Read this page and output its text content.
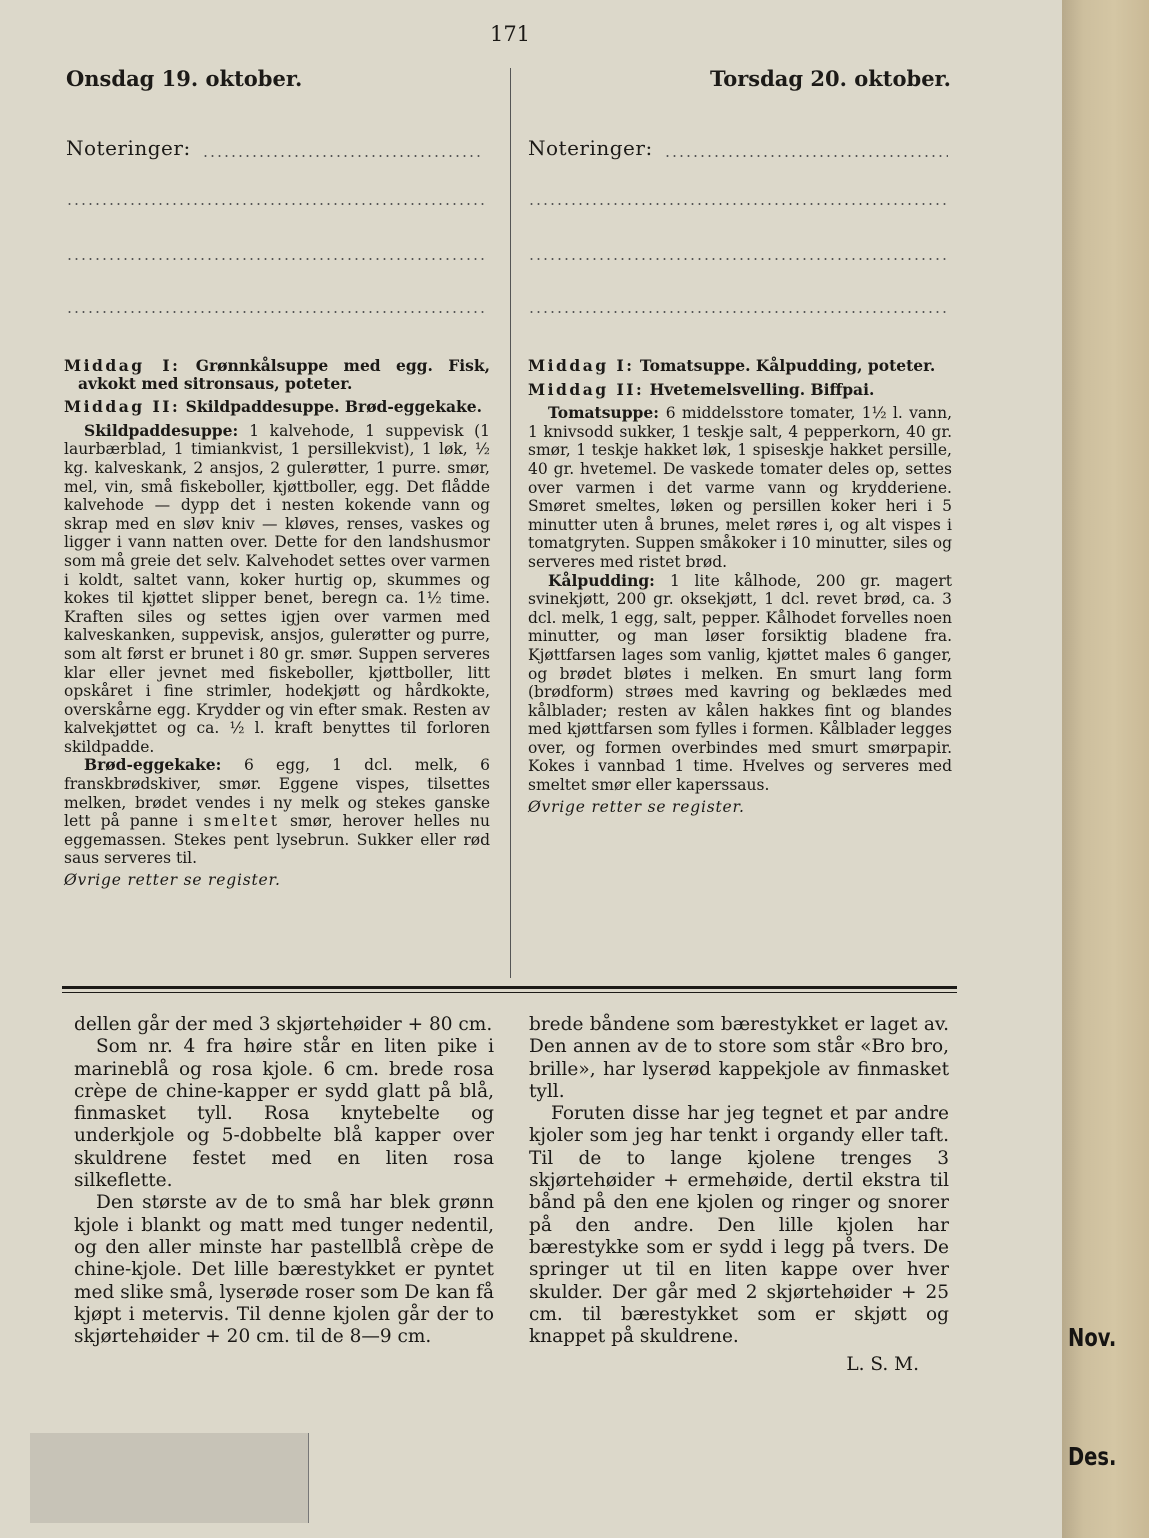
Nov.
Des.
171
Onsdag 19. oktober.	Torsdag 20. oktober.
Noteringer:	Noteringer:

Middag I: Grønnkålsuppe med egg. Fisk, avkokt med sitronsaus, poteter.

Middag II: Skildpaddesuppe. Brød-eggekake.

Skildpaddesuppe: 1 kalvehode, 1 suppevisk (1 laurbærblad, 1 timiankvist, 1 persillekvist), 1 løk, ½ kg. kalveskank, 2 ansjos, 2 gulerøtter, 1 purre. smør, mel, vin, små fiskeboller, kjøttboller, egg. Det flådde kalvehode — dypp det i nesten kokende vann og skrap med en sløv kniv — kløves, renses, vaskes og ligger i vann natten over. Dette for den landshusmor som må greie det selv. Kalvehodet settes over varmen i koldt, saltet vann, koker hurtig op, skummes og kokes til kjøttet slipper benet, beregn ca. 1½ time. Kraften siles og settes igjen over varmen med kalveskanken, suppevisk, ansjos, gulerøtter og purre, som alt først er brunet i 80 gr. smør. Suppen serveres klar eller jevnet med fiskeboller, kjøttboller, litt opskåret i fine strimler, hodekjøtt og hårdkokte, overskårne egg. Krydder og vin efter smak. Resten av kalvekjøttet og ca. ½ l. kraft benyttes til forloren skildpadde.

Brød-eggekake: 6 egg, 1 dcl. melk, 6 franskbrødskiver, smør. Eggene vispes, tilsettes melken, brødet vendes i ny melk og stekes ganske lett på panne i smeltet smør, herover helles nu eggemassen. Stekes pent lysebrun. Sukker eller rød saus serveres til.

Øvrige retter se register.

Middag I: Tomatsuppe. Kålpudding, poteter.

Middag II: Hvetemelsvelling. Biffpai.

Tomatsuppe: 6 middelsstore tomater, 1½ l. vann, 1 knivsodd sukker, 1 teskje salt, 4 pepperkorn, 40 gr. smør, 1 teskje hakket løk, 1 spiseskje hakket persille, 40 gr. hvetemel. De vaskede tomater deles op, settes over varmen i det varme vann og krydderiene. Smøret smeltes, løken og persillen koker heri i 5 minutter uten å brunes, melet røres i, og alt vispes i tomatgryten. Suppen småkoker i 10 minutter, siles og serveres med ristet brød.

Kålpudding: 1 lite kålhode, 200 gr. magert svinekjøtt, 200 gr. oksekjøtt, 1 dcl. revet brød, ca. 3 dcl. melk, 1 egg, salt, pepper. Kålhodet forvelles noen minutter, og man løser forsiktig bladene fra. Kjøttfarsen lages som vanlig, kjøttet males 6 ganger, og brødet bløtes i melken. En smurt lang form (brødform) strøes med kavring og beklædes med kålblader; resten av kålen hakkes fint og blandes med kjøttfarsen som fylles i formen. Kålblader legges over, og formen overbindes med smurt smørpapir. Kokes i vannbad 1 time. Hvelves og serveres med smeltet smør eller kaperssaus.

Øvrige retter se register.

dellen går der med 3 skjørtehøider + 80 cm.

Som nr. 4 fra høire står en liten pike i marineblå og rosa kjole. 6 cm. brede rosa crèpe de chine-kapper er sydd glatt på blå, finmasket tyll. Rosa knytebelte og underkjole og 5-dobbelte blå kapper over skuldrene festet med en liten rosa silkeflette.

Den største av de to små har blek grønn kjole i blankt og matt med tunger nedentil, og den aller minste har pastellblå crèpe de chine-kjole. Det lille bærestykket er pyntet med slike små, lyserøde roser som De kan få kjøpt i metervis. Til denne kjolen går der to skjørtehøider + 20 cm. til de 8—9 cm.

brede båndene som bærestykket er laget av. Den annen av de to store som står «Bro bro, brille», har lyserød kappekjole av finmasket tyll.

Foruten disse har jeg tegnet et par andre kjoler som jeg har tenkt i organdy eller taft. Til de to lange kjolene trenges 3 skjørtehøider + ermehøide, dertil ekstra til bånd på den ene kjolen og ringer og snorer på den andre. Den lille kjolen har bærestykke som er sydd i legg på tvers. De springer ut til en liten kappe over hver skulder. Der går med 2 skjørtehøider + 25 cm. til bærestykket som er skjøtt og knappet på skuldrene.

L. S. M.
